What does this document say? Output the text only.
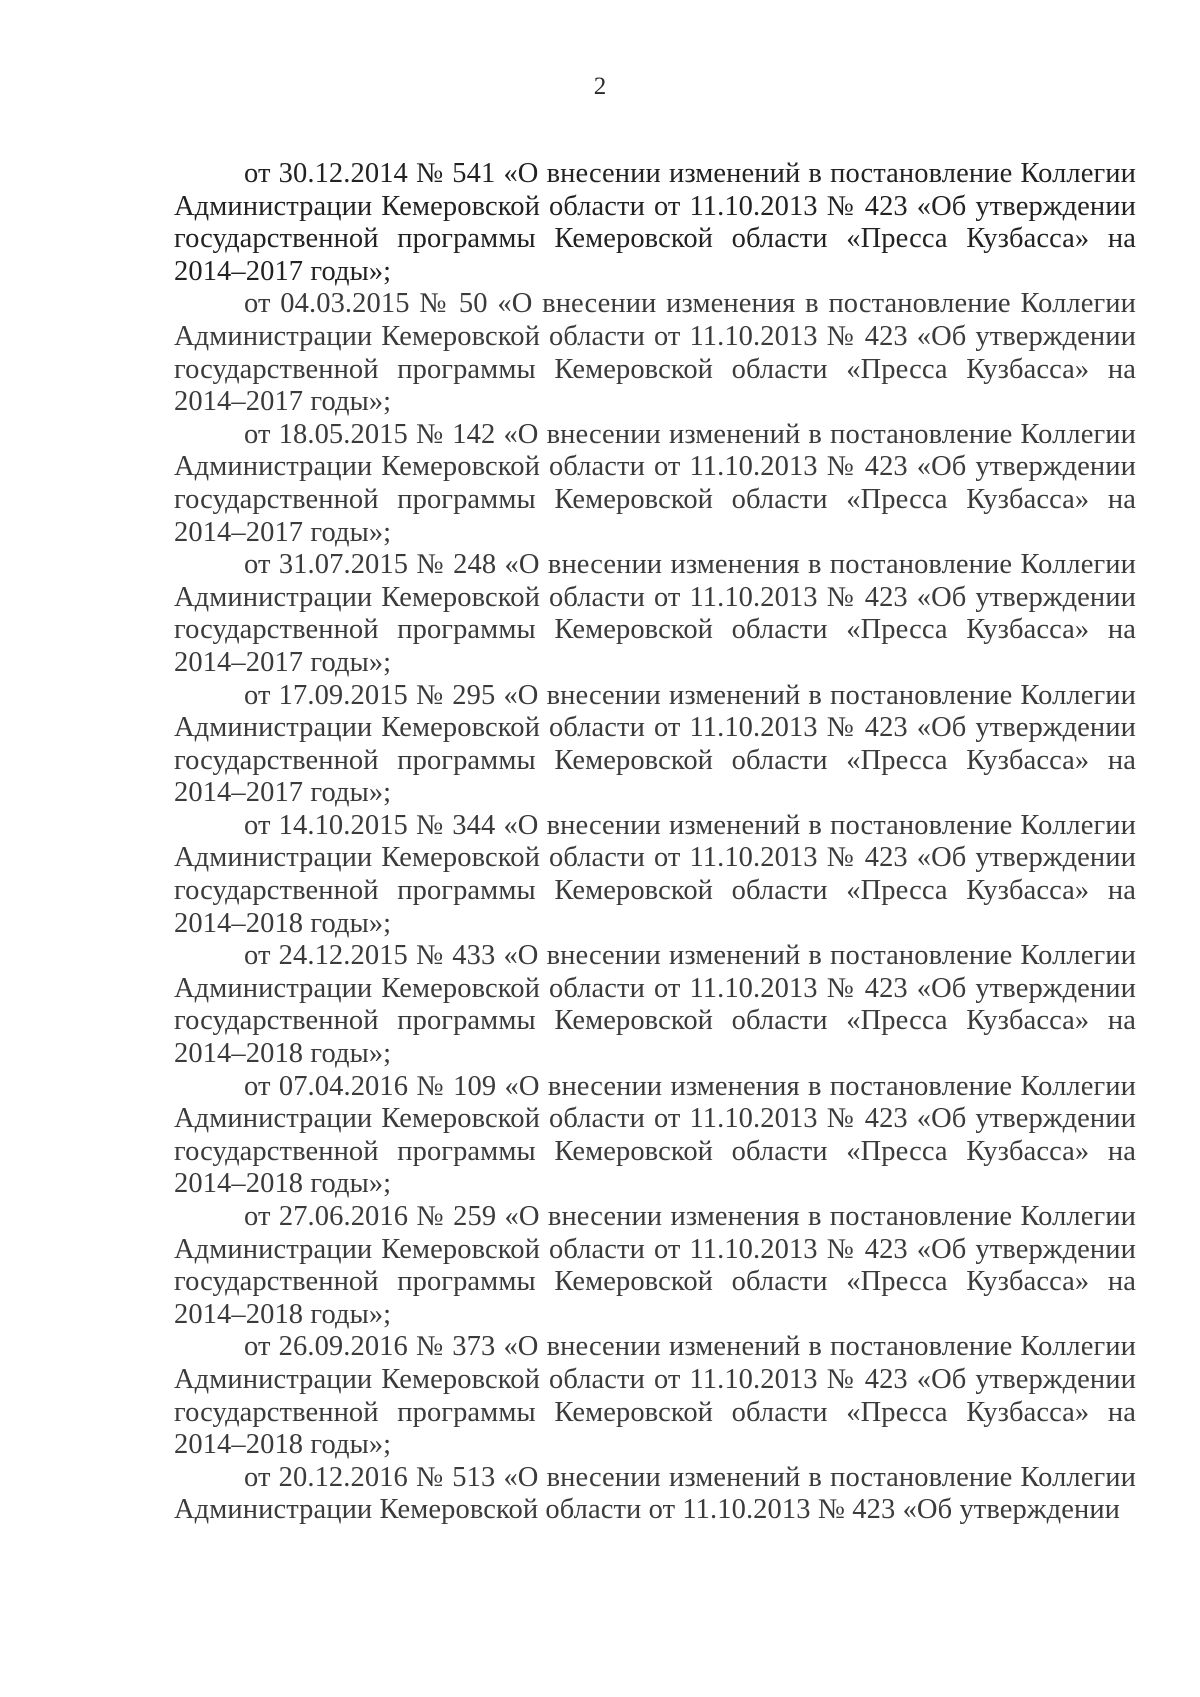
2

от 30.12.2014 № 541 «О внесении изменений в постановление Коллегии Администрации Кемеровской области от 11.10.2013 № 423 «Об утверждении государственной программы Кемеровской области «Пресса Кузбасса» на 2014–2017 годы»;

от 04.03.2015 № 50 «О внесении изменения в постановление Коллегии Администрации Кемеровской области от 11.10.2013 № 423 «Об утверждении государственной программы Кемеровской области «Пресса Кузбасса» на 2014–2017 годы»;

от 18.05.2015 № 142 «О внесении изменений в постановление Коллегии Администрации Кемеровской области от 11.10.2013 № 423 «Об утверждении государственной программы Кемеровской области «Пресса Кузбасса» на 2014–2017 годы»;

от 31.07.2015 № 248 «О внесении изменения в постановление Коллегии Администрации Кемеровской области от 11.10.2013 № 423 «Об утверждении государственной программы Кемеровской области «Пресса Кузбасса» на 2014–2017 годы»;

от 17.09.2015 № 295 «О внесении изменений в постановление Коллегии Администрации Кемеровской области от 11.10.2013 № 423 «Об утверждении государственной программы Кемеровской области «Пресса Кузбасса» на 2014–2017 годы»;

от 14.10.2015 № 344 «О внесении изменений в постановление Коллегии Администрации Кемеровской области от 11.10.2013 № 423 «Об утверждении государственной программы Кемеровской области «Пресса Кузбасса» на 2014–2018 годы»;

от 24.12.2015 № 433 «О внесении изменений в постановление Коллегии Администрации Кемеровской области от 11.10.2013 № 423 «Об утверждении государственной программы Кемеровской области «Пресса Кузбасса» на 2014–2018 годы»;

от 07.04.2016 № 109 «О внесении изменения в постановление Коллегии Администрации Кемеровской области от 11.10.2013 № 423 «Об утверждении государственной программы Кемеровской области «Пресса Кузбасса» на 2014–2018 годы»;

от 27.06.2016 № 259 «О внесении изменения в постановление Коллегии Администрации Кемеровской области от 11.10.2013 № 423 «Об утверждении государственной программы Кемеровской области «Пресса Кузбасса» на 2014–2018 годы»;

от 26.09.2016 № 373 «О внесении изменений в постановление Коллегии Администрации Кемеровской области от 11.10.2013 № 423 «Об утверждении государственной программы Кемеровской области «Пресса Кузбасса» на 2014–2018 годы»;

от 20.12.2016 № 513 «О внесении изменений в постановление Коллегии Администрации Кемеровской области от 11.10.2013 № 423 «Об утверждении
